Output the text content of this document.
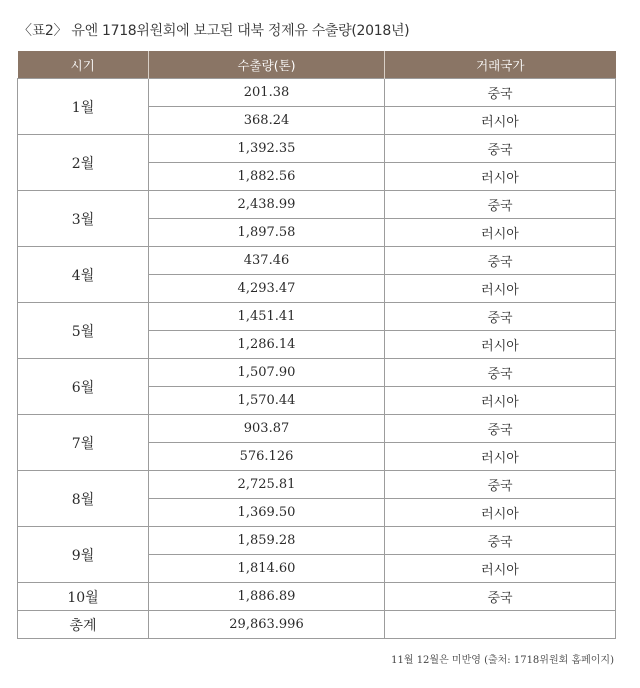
〈표2〉 유엔 1718위원회에 보고된 대북 정제유 수출량(2018년)
시기	수출량(톤)	거래국가
1월	201.38	중국
	368.24	러시아
2월	1,392.35	중국
	1,882.56	러시아
3월	2,438.99	중국
	1,897.58	러시아
4월	437.46	중국
	4,293.47	러시아
5월	1,451.41	중국
	1,286.14	러시아
6월	1,507.90	중국
	1,570.44	러시아
7월	903.87	중국
	576.126	러시아
8월	2,725.81	중국
	1,369.50	러시아
9월	1,859.28	중국
	1,814.60	러시아
10월	1,886.89	중국
총계	29,863.996	
11월 12월은 미반영 (출처: 1718위원회 홈페이지)
